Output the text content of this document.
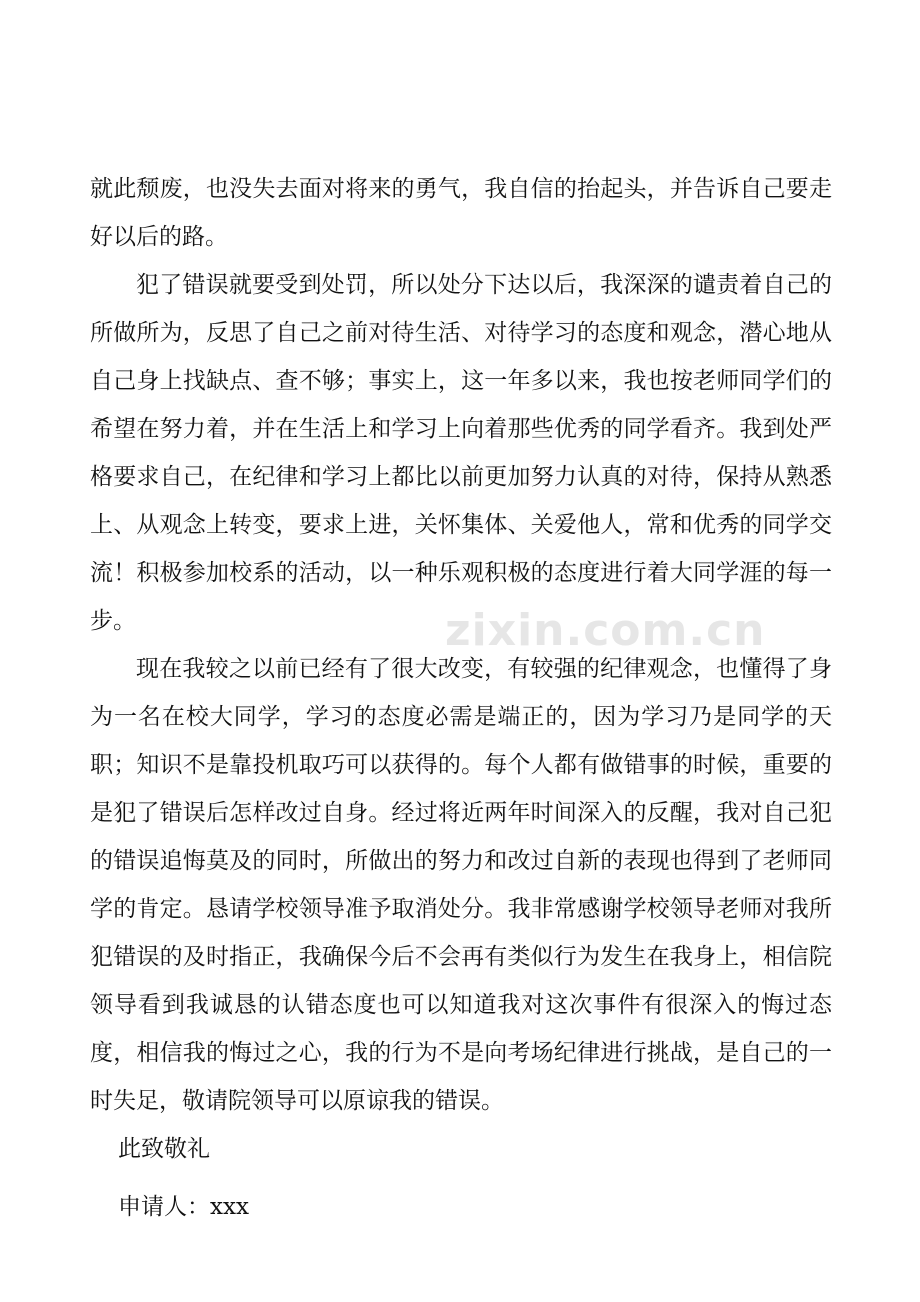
zixin.com.cn

就此颓废，也没失去面对将来的勇气，我自信的抬起头，并告诉自己要走好以后的路。

犯了错误就要受到处罚，所以处分下达以后，我深深的谴责着自己的所做所为，反思了自己之前对待生活、对待学习的态度和观念，潜心地从自己身上找缺点、查不够；事实上，这一年多以来，我也按老师同学们的希望在努力着，并在生活上和学习上向着那些优秀的同学看齐。我到处严格要求自己，在纪律和学习上都比以前更加努力认真的对待，保持从熟悉上、从观念上转变，要求上进，关怀集体、关爱他人，常和优秀的同学交流！积极参加校系的活动，以一种乐观积极的态度进行着大同学涯的每一步。

现在我较之以前已经有了很大改变，有较强的纪律观念，也懂得了身为一名在校大同学，学习的态度必需是端正的，因为学习乃是同学的天职；知识不是靠投机取巧可以获得的。每个人都有做错事的时候，重要的是犯了错误后怎样改过自身。经过将近两年时间深入的反醒，我对自己犯的错误追悔莫及的同时，所做出的努力和改过自新的表现也得到了老师同学的肯定。恳请学校领导准予取消处分。我非常感谢学校领导老师对我所犯错误的及时指正，我确保今后不会再有类似行为发生在我身上，相信院领导看到我诚恳的认错态度也可以知道我对这次事件有很深入的悔过态度，相信我的悔过之心，我的行为不是向考场纪律进行挑战，是自己的一时失足，敬请院领导可以原谅我的错误。

此致敬礼

申请人：xxx
